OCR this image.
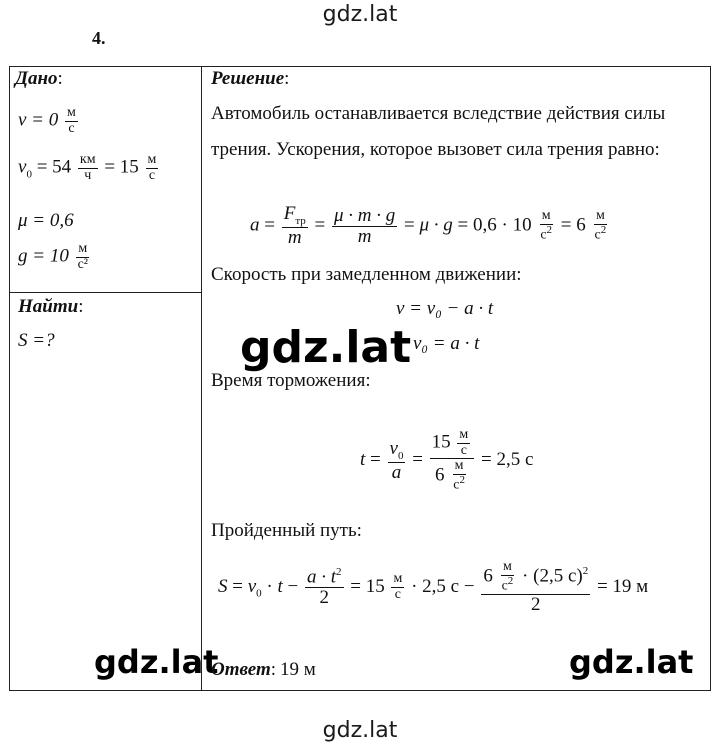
gdz.lat
gdz.lat
4.
Дано:
v = 0 м
с
$v_0 = 54$ км
ч = 15 м
с
μ = 0,6
g = 10 м
с²
Найти:
S =?
Решение:
Автомобиль останавливается вследствие действия силы
трения. Ускорения, которое вызовет сила трения равно:
a =
$F_{тр}$
m
= $\frac{\mu \cdot m \cdot g}{m} = \mu \cdot g = 0,6 \cdot 10$ м
$с^2 = 6$ м
$с^2$
Скорость при замедленном движении:
v = v₀ − a · t
v₀ = a · t
gdz.lat
Время торможения:
$t = \frac{v_0}{a}$ =
15 м
с
6 м
$с^2$
= 2,5 с
Пройденный путь:
$S = v_0 \cdot t - \frac{a \cdot t^2}{2} = 15$ м
с · 2,5 с − 6 м
$с^2 \cdot (2,5$ с)$^2$
2
= 19 м
gdz.lat	gdz.lat
Ответ: 19 м
